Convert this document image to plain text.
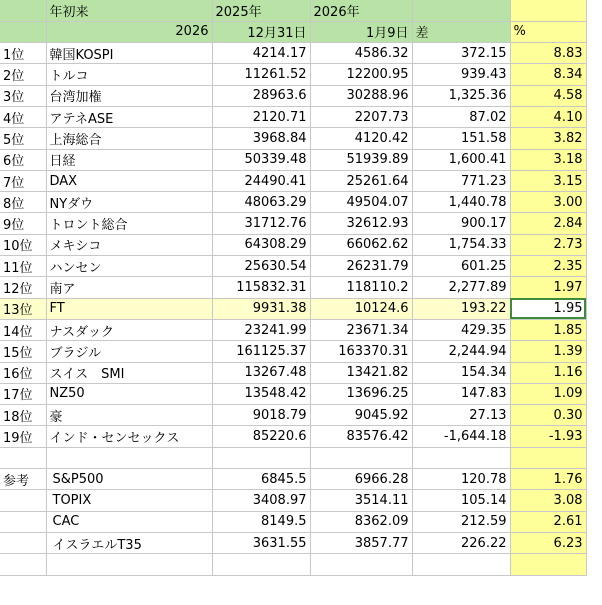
	年初来	2025年	2026年		
	2026	12月31日	1月9日	差	%
1位	韓国KOSPI	4214.17	4586.32	372.15	8.83
2位	トルコ	11261.52	12200.95	939.43	8.34
3位	台湾加権	28963.6	30288.96	1,325.36	4.58
4位	アテネASE	2120.71	2207.73	87.02	4.10
5位	上海総合	3968.84	4120.42	151.58	3.82
6位	日経	50339.48	51939.89	1,600.41	3.18
7位	DAX	24490.41	25261.64	771.23	3.15
8位	NYダウ	48063.29	49504.07	1,440.78	3.00
9位	トロント総合	31712.76	32612.93	900.17	2.84
10位	メキシコ	64308.29	66062.62	1,754.33	2.73
11位	ハンセン	25630.54	26231.79	601.25	2.35
12位	南ア	115832.31	118110.2	2,277.89	1.97
13位	FT	9931.38	10124.6	193.22	1.95
14位	ナスダック	23241.99	23671.34	429.35	1.85
15位	ブラジル	161125.37	163370.31	2,244.94	1.39
16位	スイス　SMI	13267.48	13421.82	154.34	1.16
17位	NZ50	13548.42	13696.25	147.83	1.09
18位	豪	9018.79	9045.92	27.13	0.30
19位	インド・センセックス	85220.6	83576.42	-1,644.18	-1.93

参考	S&P500	6845.5	6966.28	120.78	1.76
	TOPIX	3408.97	3514.11	105.14	3.08
	CAC	8149.5	8362.09	212.59	2.61
	イスラエルT35	3631.55	3857.77	226.22	6.23
